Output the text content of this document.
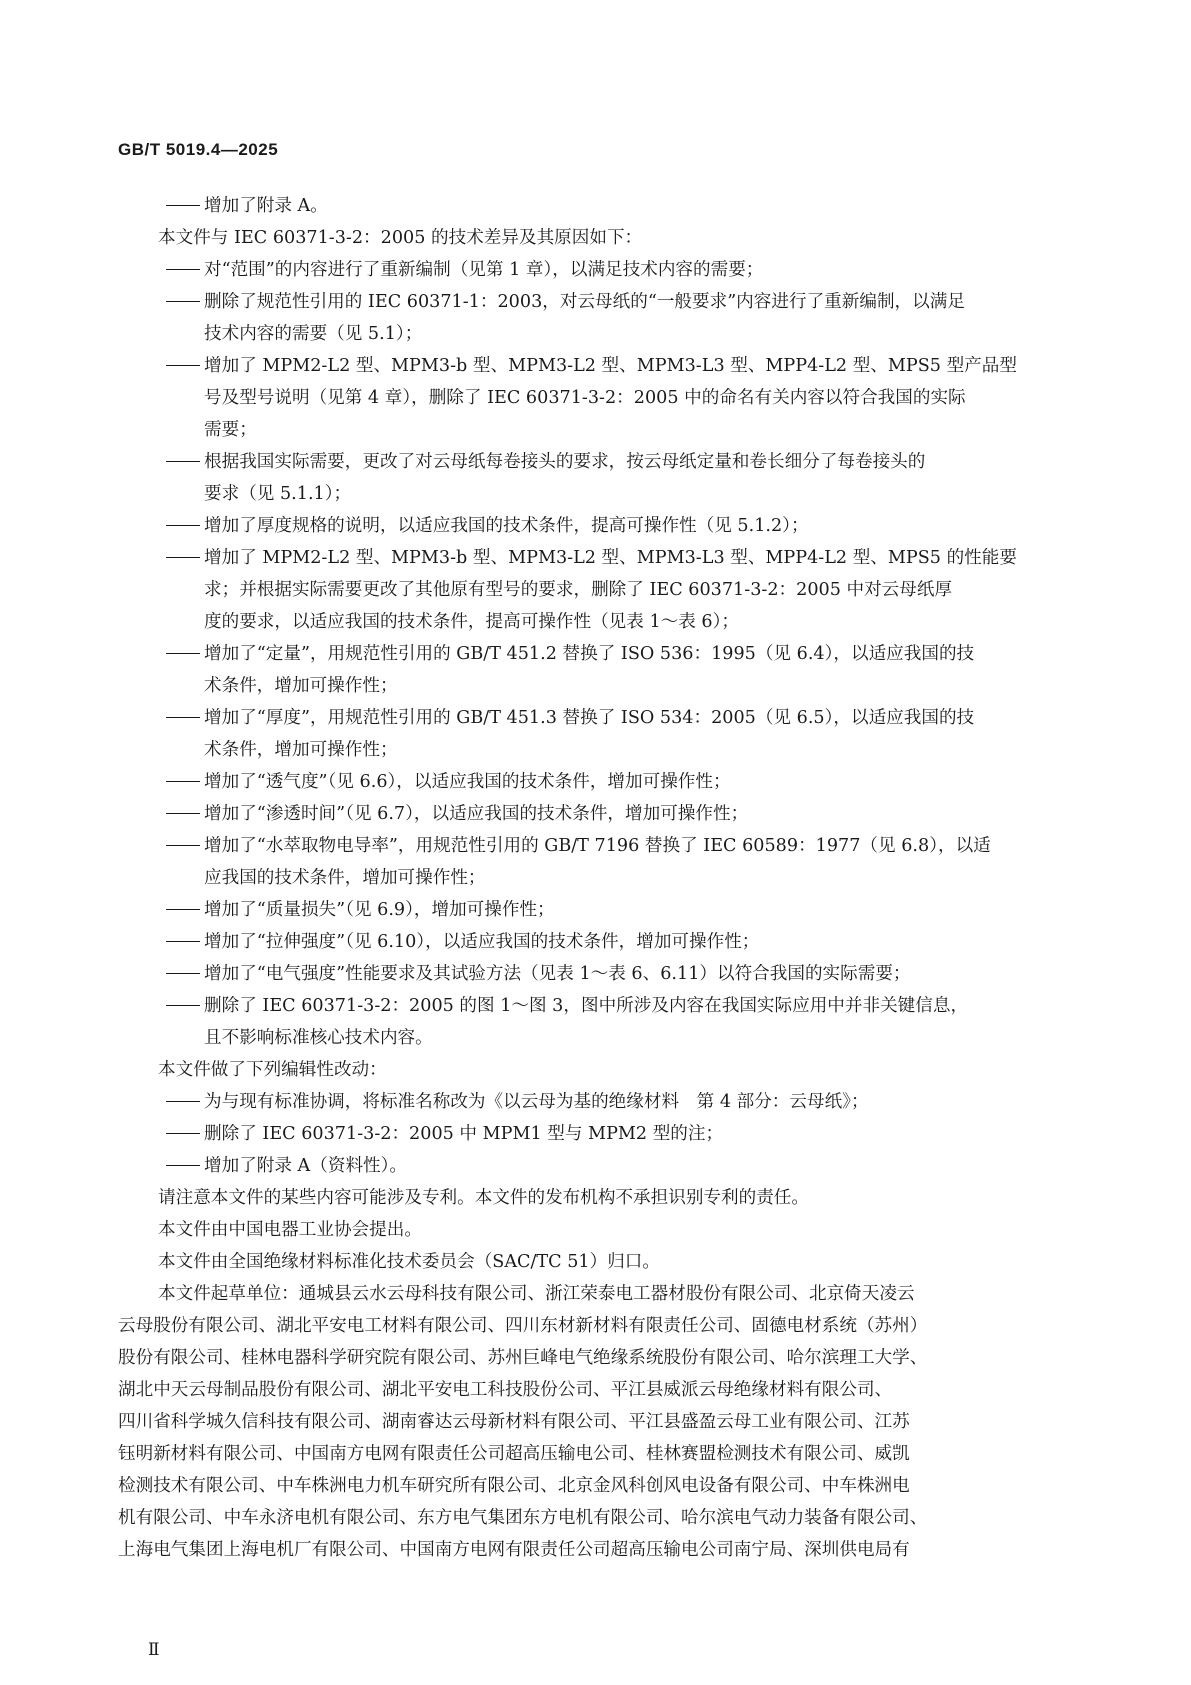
GB/T 5019.4—2025
增加了附录 A。
本文件与 IEC 60371-3-2：2005 的技术差异及其原因如下：
对“范围”的内容进行了重新编制（见第 1 章），以满足技术内容的需要；
删除了规范性引用的 IEC 60371-1：2003，对云母纸的“一般要求”内容进行了重新编制，以满足
技术内容的需要（见 5.1）；
增加了 MPM2-L2 型、MPM3-b 型、MPM3-L2 型、MPM3-L3 型、MPP4-L2 型、MPS5 型产品型
号及型号说明（见第 4 章），删除了 IEC 60371-3-2：2005 中的命名有关内容以符合我国的实际
需要；
根据我国实际需要，更改了对云母纸每卷接头的要求，按云母纸定量和卷长细分了每卷接头的
要求（见 5.1.1）；
增加了厚度规格的说明，以适应我国的技术条件，提高可操作性（见 5.1.2）；
增加了 MPM2-L2 型、MPM3-b 型、MPM3-L2 型、MPM3-L3 型、MPP4-L2 型、MPS5 的性能要
求；并根据实际需要更改了其他原有型号的要求，删除了 IEC 60371-3-2：2005 中对云母纸厚
度的要求，以适应我国的技术条件，提高可操作性（见表 1～表 6）；
增加了“定量”，用规范性引用的 GB/T 451.2 替换了 ISO 536：1995（见 6.4），以适应我国的技
术条件，增加可操作性；
增加了“厚度”，用规范性引用的 GB/T 451.3 替换了 ISO 534：2005（见 6.5），以适应我国的技
术条件，增加可操作性；
增加了“透气度”（见 6.6），以适应我国的技术条件，增加可操作性；
增加了“渗透时间”（见 6.7），以适应我国的技术条件，增加可操作性；
增加了“水萃取物电导率”，用规范性引用的 GB/T 7196 替换了 IEC 60589：1977（见 6.8），以适
应我国的技术条件，增加可操作性；
增加了“质量损失”（见 6.9），增加可操作性；
增加了“拉伸强度”（见 6.10），以适应我国的技术条件，增加可操作性；
增加了“电气强度”性能要求及其试验方法（见表 1～表 6、6.11）以符合我国的实际需要；
删除了 IEC 60371-3-2：2005 的图 1～图 3，图中所涉及内容在我国实际应用中并非关键信息，
且不影响标准核心技术内容。
本文件做了下列编辑性改动：
为与现有标准协调，将标准名称改为《以云母为基的绝缘材料　第 4 部分：云母纸》；
删除了 IEC 60371-3-2：2005 中 MPM1 型与 MPM2 型的注；
增加了附录 A（资料性）。
请注意本文件的某些内容可能涉及专利。本文件的发布机构不承担识别专利的责任。
本文件由中国电器工业协会提出。
本文件由全国绝缘材料标准化技术委员会（SAC/TC 51）归口。
本文件起草单位：通城县云水云母科技有限公司、浙江荣泰电工器材股份有限公司、北京倚天凌云
云母股份有限公司、湖北平安电工材料有限公司、四川东材新材料有限责任公司、固德电材系统（苏州）
股份有限公司、桂林电器科学研究院有限公司、苏州巨峰电气绝缘系统股份有限公司、哈尔滨理工大学、
湖北中天云母制品股份有限公司、湖北平安电工科技股份公司、平江县威派云母绝缘材料有限公司、
四川省科学城久信科技有限公司、湖南睿达云母新材料有限公司、平江县盛盈云母工业有限公司、江苏
钰明新材料有限公司、中国南方电网有限责任公司超高压输电公司、桂林赛盟检测技术有限公司、威凯
检测技术有限公司、中车株洲电力机车研究所有限公司、北京金风科创风电设备有限公司、中车株洲电
机有限公司、中车永济电机有限公司、东方电气集团东方电机有限公司、哈尔滨电气动力装备有限公司、
上海电气集团上海电机厂有限公司、中国南方电网有限责任公司超高压输电公司南宁局、深圳供电局有
Ⅱ
